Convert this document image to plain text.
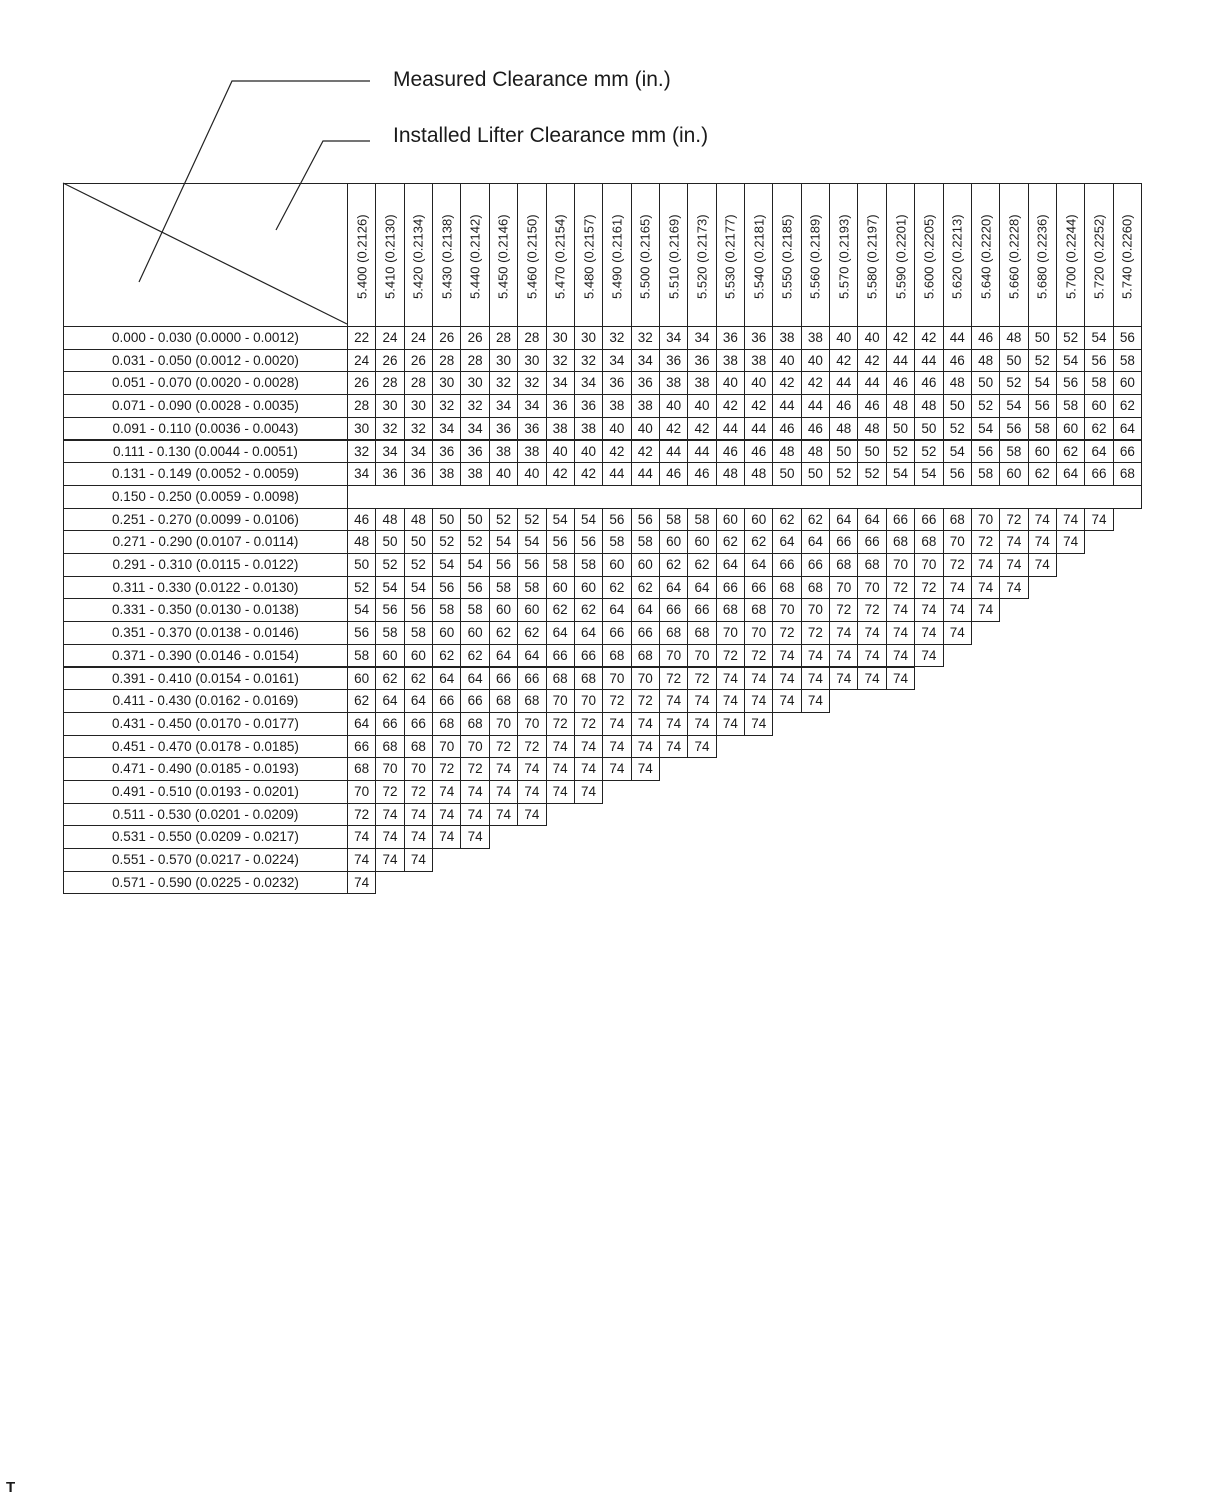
Measured Clearance mm (in.)
Installed Lifter Clearance mm (in.)
5.400 (0.2126) 5.410 (0.2130) 5.420 (0.2134) 5.430 (0.2138) 5.440 (0.2142) 5.450 (0.2146) 5.460 (0.2150) 5.470 (0.2154) 5.480 (0.2157) 5.490 (0.2161) 5.500 (0.2165) 5.510 (0.2169) 5.520 (0.2173) 5.530 (0.2177) 5.540 (0.2181) 5.550 (0.2185) 5.560 (0.2189) 5.570 (0.2193) 5.580 (0.2197) 5.590 (0.2201) 5.600 (0.2205) 5.620 (0.2213) 5.640 (0.2220) 5.660 (0.2228) 5.680 (0.2236) 5.700 (0.2244) 5.720 (0.2252) 5.740 (0.2260)
0.000 - 0.030 (0.0000 - 0.0012)	22 24 24 26 26 28 28 30 30 32 32 34 34 36 36 38 38 40 40 42 42 44 46 48 50 52 54 56
0.031 - 0.050 (0.0012 - 0.0020)	24 26 26 28 28 30 30 32 32 34 34 36 36 38 38 40 40 42 42 44 44 46 48 50 52 54 56 58
0.051 - 0.070 (0.0020 - 0.0028)	26 28 28 30 30 32 32 34 34 36 36 38 38 40 40 42 42 44 44 46 46 48 50 52 54 56 58 60
0.071 - 0.090 (0.0028 - 0.0035)	28 30 30 32 32 34 34 36 36 38 38 40 40 42 42 44 44 46 46 48 48 50 52 54 56 58 60 62
0.091 - 0.110 (0.0036 - 0.0043)	30 32 32 34 34 36 36 38 38 40 40 42 42 44 44 46 46 48 48 50 50 52 54 56 58 60 62 64
0.111 - 0.130 (0.0044 - 0.0051)	32 34 34 36 36 38 38 40 40 42 42 44 44 46 46 48 48 50 50 52 52 54 56 58 60 62 64 66
0.131 - 0.149 (0.0052 - 0.0059)	34 36 36 38 38 40 40 42 42 44 44 46 46 48 48 50 50 52 52 54 54 56 58 60 62 64 66 68
0.150 - 0.250 (0.0059 - 0.0098)
0.251 - 0.270 (0.0099 - 0.0106)	46 48 48 50 50 52 52 54 54 56 56 58 58 60 60 62 62 64 64 66 66 68 70 72 74 74 74
0.271 - 0.290 (0.0107 - 0.0114)	48 50 50 52 52 54 54 56 56 58 58 60 60 62 62 64 64 66 66 68 68 70 72 74 74 74
0.291 - 0.310 (0.0115 - 0.0122)	50 52 52 54 54 56 56 58 58 60 60 62 62 64 64 66 66 68 68 70 70 72 74 74 74
0.311 - 0.330 (0.0122 - 0.0130)	52 54 54 56 56 58 58 60 60 62 62 64 64 66 66 68 68 70 70 72 72 74 74 74
0.331 - 0.350 (0.0130 - 0.0138)	54 56 56 58 58 60 60 62 62 64 64 66 66 68 68 70 70 72 72 74 74 74 74
0.351 - 0.370 (0.0138 - 0.0146)	56 58 58 60 60 62 62 64 64 66 66 68 68 70 70 72 72 74 74 74 74 74
0.371 - 0.390 (0.0146 - 0.0154)	58 60 60 62 62 64 64 66 66 68 68 70 70 72 72 74 74 74 74 74 74
0.391 - 0.410 (0.0154 - 0.0161)	60 62 62 64 64 66 66 68 68 70 70 72 72 74 74 74 74 74 74 74
0.411 - 0.430 (0.0162 - 0.0169)	62 64 64 66 66 68 68 70 70 72 72 74 74 74 74 74 74
0.431 - 0.450 (0.0170 - 0.0177)	64 66 66 68 68 70 70 72 72 74 74 74 74 74 74
0.451 - 0.470 (0.0178 - 0.0185)	66 68 68 70 70 72 72 74 74 74 74 74 74
0.471 - 0.490 (0.0185 - 0.0193)	68 70 70 72 72 74 74 74 74 74 74
0.491 - 0.510 (0.0193 - 0.0201)	70 72 72 74 74 74 74 74 74
0.511 - 0.530 (0.0201 - 0.0209)	72 74 74 74 74 74 74
0.531 - 0.550 (0.0209 - 0.0217)	74 74 74 74 74
0.551 - 0.570 (0.0217 - 0.0224)	74 74 74
0.571 - 0.590 (0.0225 - 0.0232)	74
T
